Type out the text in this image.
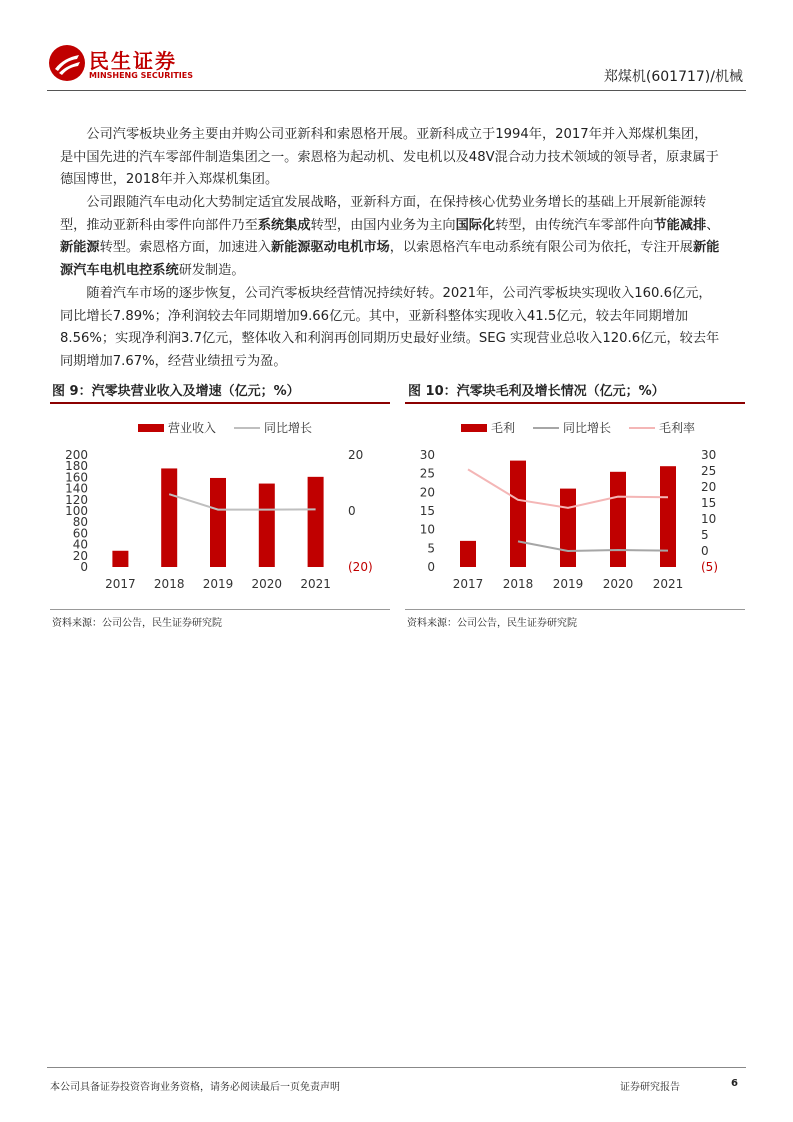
民生证券
MINSHENG SECURITIES	郑煤机(601717)/机械
公司汽零板块业务主要由并购公司亚新科和索恩格开展。亚新科成立于1994年，2017年并入郑煤机集团，是中国先进的汽车零部件制造集团之一。索恩格为起动机、发电机以及48V混合动力技术领域的领导者，原隶属于德国博世，2018年并入郑煤机集团。
公司跟随汽车电动化大势制定适宜发展战略，亚新科方面，在保持核心优势业务增长的基础上开展新能源转型，推动亚新科由零件向部件乃至系统集成转型，由国内业务为主向国际化转型，由传统汽车零部件向节能减排、新能源转型。索恩格方面，加速进入新能源驱动电机市场，以索恩格汽车电动系统有限公司为依托，专注开展新能源汽车电机电控系统研发制造。
随着汽车市场的逐步恢复，公司汽零板块经营情况持续好转。2021年，公司汽零板块实现收入160.6亿元，同比增长7.89%；净利润较去年同期增加9.66亿元。其中，亚新科整体实现收入41.5亿元，较去年同期增加8.56%；实现净利润3.7亿元，整体收入和利润再创同期历史最好业绩。SEG 实现营业总收入120.6亿元，较去年同期增加7.67%，经营业绩扭亏为盈。
图 9：汽零块营业收入及增速（亿元；%）
营业收入	同比增长
200
180
160
140
120
100
80
60
40
20
0
20
0
(20)
2017 2018 2019 2020 2021
资料来源：公司公告，民生证券研究院
图 10：汽零块毛利及增长情况（亿元；%）
毛利	同比增长	毛利率
30
25
20
15
10
5
0
30
25
20
15
10
5
0
(5)
2017 2018 2019 2020 2021
资料来源：公司公告，民生证券研究院
本公司具备证券投资咨询业务资格，请务必阅读最后一页免责声明	证券研究报告	6
